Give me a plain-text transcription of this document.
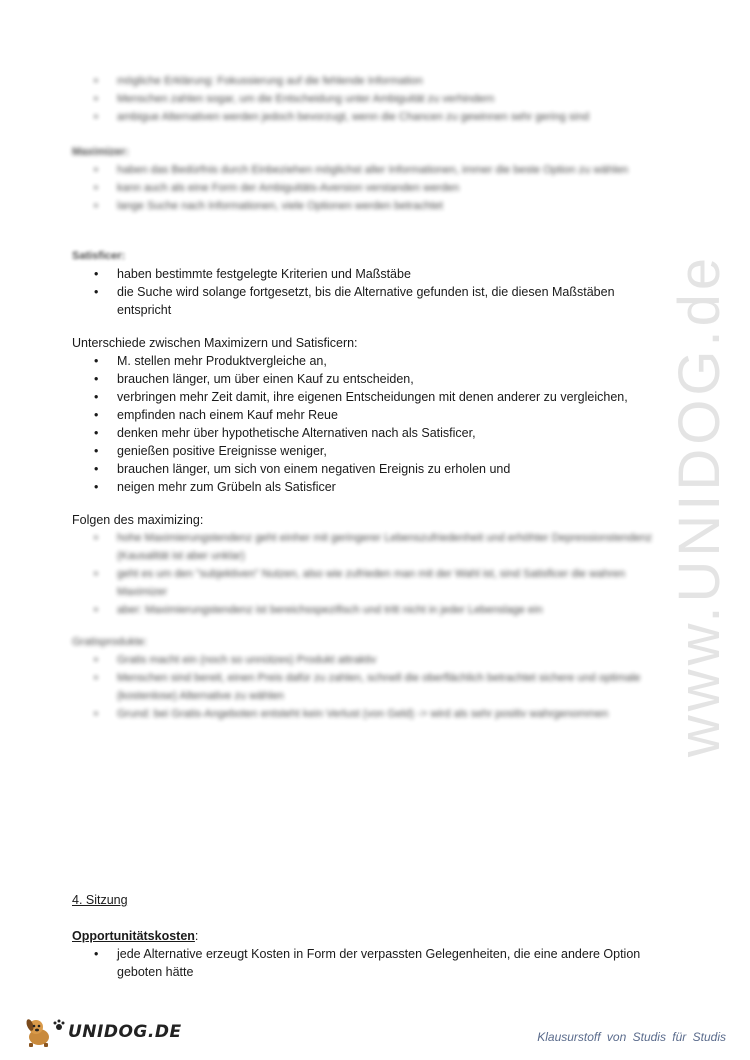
• mögliche Erklärung: Fokussierung auf die fehlende Information
• Menschen zahlen sogar, um die Entscheidung unter Ambiguität zu verhindern
• ambigue Alternativen werden jedoch bevorzugt, wenn die Chancen zu gewinnen sehr gering sind

Maximizer:

• haben das Bedürfnis durch Einbeziehen möglichst aller Informationen, immer die beste Option zu wählen
• kann auch als eine Form der Ambiguitäts-Aversion verstanden werden
• lange Suche nach Informationen, viele Optionen werden betrachtet

Satisficer:

• haben bestimmte festgelegte Kriterien und Maßstäbe
• die Suche wird solange fortgesetzt, bis die Alternative gefunden ist, die diesen Maßstäben entspricht

Unterschiede zwischen Maximizern und Satisficern:

• M. stellen mehr Produktvergleiche an,
• brauchen länger, um über einen Kauf zu entscheiden,
• verbringen mehr Zeit damit, ihre eigenen Entscheidungen mit denen anderer zu vergleichen,
• empfinden nach einem Kauf mehr Reue
• denken mehr über hypothetische Alternativen nach als Satisficer,
• genießen positive Ereignisse weniger,
• brauchen länger, um sich von einem negativen Ereignis zu erholen und
• neigen mehr zum Grübeln als Satisficer

Folgen des maximizing:

• hohe Maximierungstendenz geht einher mit geringerer Lebenszufriedenheit und erhöhter Depressionstendenz (Kausalität ist aber unklar)
• geht es um den "subjektiven" Nutzen, also wie zufrieden man mit der Wahl ist, sind Satisficer die wahren Maximizer
• aber: Maximierungstendenz ist bereichsspezifisch und tritt nicht in jeder Lebenslage ein

Gratisprodukte:

• Gratis macht ein (noch so unnützes) Produkt attraktiv
• Menschen sind bereit, einen Preis dafür zu zahlen, schnell die oberflächlich betrachtet sichere und optimale (kostenlose) Alternative zu wählen
• Grund: bei Gratis-Angeboten entsteht kein Verlust (von Geld) -> wird als sehr positiv wahrgenommen

4. Sitzung

Opportunitätskosten:

• jede Alternative erzeugt Kosten in Form der verpassten Gelegenheiten, die eine andere Option geboten hätte
www.UNIDOG.de
UNIDOG.DE	Klausurstoff von Studis für Studis
